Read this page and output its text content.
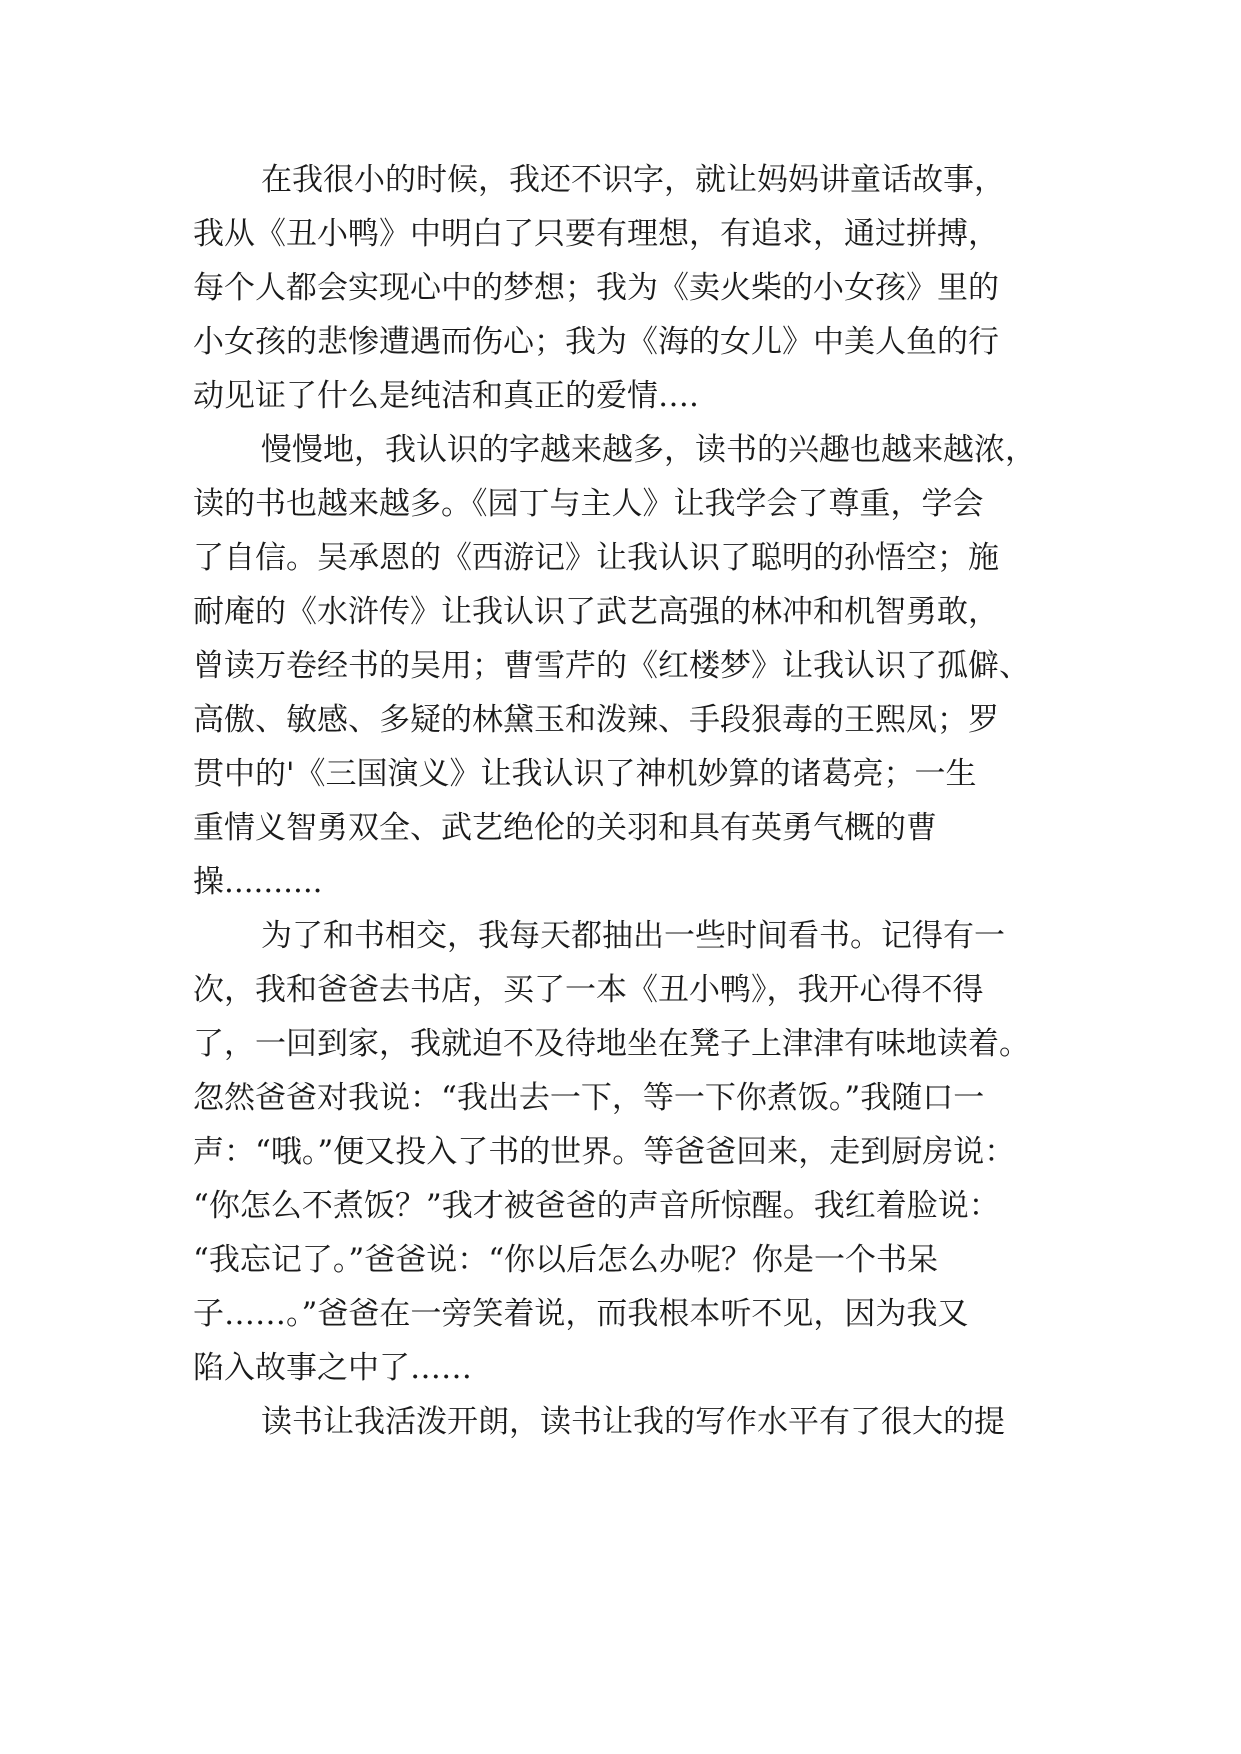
在我很小的时候，我还不识字，就让妈妈讲童话故事，
我从《丑小鸭》中明白了只要有理想，有追求，通过拼搏，
每个人都会实现心中的梦想；我为《卖火柴的小女孩》里的
小女孩的悲惨遭遇而伤心；我为《海的女儿》中美人鱼的行
动见证了什么是纯洁和真正的爱情….
慢慢地，我认识的字越来越多，读书的兴趣也越来越浓，
读的书也越来越多。《园丁与主人》让我学会了尊重，学会
了自信。吴承恩的《西游记》让我认识了聪明的孙悟空；施
耐庵的《水浒传》让我认识了武艺高强的林冲和机智勇敢，
曾读万卷经书的吴用；曹雪芹的《红楼梦》让我认识了孤僻、
高傲、敏感、多疑的林黛玉和泼辣、手段狠毒的王熙凤；罗
贯中的'《三国演义》让我认识了神机妙算的诸葛亮；一生
重情义智勇双全、武艺绝伦的关羽和具有英勇气概的曹
操..........
为了和书相交，我每天都抽出一些时间看书。记得有一
次，我和爸爸去书店，买了一本《丑小鸭》，我开心得不得
了，一回到家，我就迫不及待地坐在凳子上津津有味地读着。
忽然爸爸对我说：“我出去一下，等一下你煮饭。”我随口一
声：“哦。”便又投入了书的世界。等爸爸回来，走到厨房说：
“你怎么不煮饭？”我才被爸爸的声音所惊醒。我红着脸说：
“我忘记了。”爸爸说：“你以后怎么办呢？你是一个书呆
子……。”爸爸在一旁笑着说，而我根本听不见，因为我又
陷入故事之中了……
读书让我活泼开朗，读书让我的写作水平有了很大的提
